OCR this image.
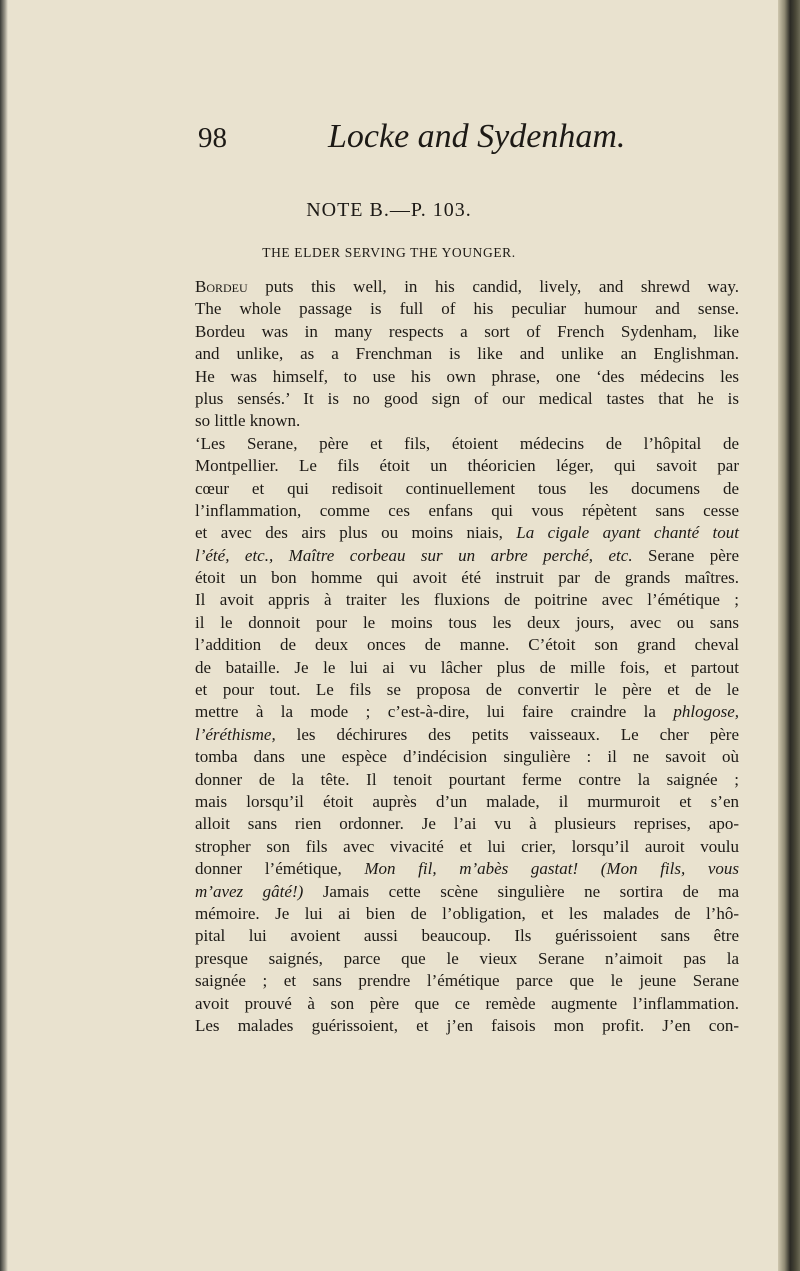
98	Locke and Sydenham.
NOTE B.—P. 103.
THE ELDER SERVING THE YOUNGER.
Bordeu puts this well, in his candid, lively, and shrewd way.
The whole passage is full of his peculiar humour and sense.
Bordeu was in many respects a sort of French Sydenham, like
and unlike, as a Frenchman is like and unlike an Englishman.
He was himself, to use his own phrase, one ‘des médecins les
plus sensés.’ It is no good sign of our medical tastes that he is
so little known.
‘Les Serane, père et fils, étoient médecins de l’hôpital de
Montpellier. Le fils étoit un théoricien léger, qui savoit par
cœur et qui redisoit continuellement tous les documens de
l’inflammation, comme ces enfans qui vous répètent sans cesse
et avec des airs plus ou moins niais, La cigale ayant chanté tout
l’été, etc., Maître corbeau sur un arbre perché, etc. Serane père
étoit un bon homme qui avoit été instruit par de grands maîtres.
Il avoit appris à traiter les fluxions de poitrine avec l’émétique ;
il le donnoit pour le moins tous les deux jours, avec ou sans
l’addition de deux onces de manne. C’étoit son grand cheval
de bataille. Je le lui ai vu lâcher plus de mille fois, et partout
et pour tout. Le fils se proposa de convertir le père et de le
mettre à la mode ; c’est-à-dire, lui faire craindre la phlogose,
l’éréthisme, les déchirures des petits vaisseaux. Le cher père
tomba dans une espèce d’indécision singulière : il ne savoit où
donner de la tête. Il tenoit pourtant ferme contre la saignée ;
mais lorsqu’il étoit auprès d’un malade, il murmuroit et s’en
alloit sans rien ordonner. Je l’ai vu à plusieurs reprises, apo-
stropher son fils avec vivacité et lui crier, lorsqu’il auroit voulu
donner l’émétique, Mon fil, m’abès gastat! (Mon fils, vous
m’avez gâté!) Jamais cette scène singulière ne sortira de ma
mémoire. Je lui ai bien de l’obligation, et les malades de l’hô-
pital lui avoient aussi beaucoup. Ils guérissoient sans être
presque saignés, parce que le vieux Serane n’aimoit pas la
saignée ; et sans prendre l’émétique parce que le jeune Serane
avoit prouvé à son père que ce remède augmente l’inflammation.
Les malades guérissoient, et j’en faisois mon profit. J’en con-
